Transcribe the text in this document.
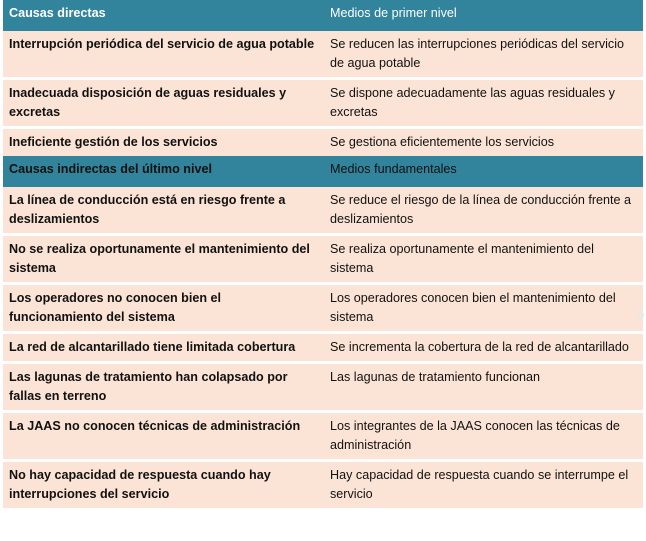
Causas directas	Medios de primer nivel
Interrupción periódica del servicio de agua potable	Se reducen las interrupciones periódicas del servicio de agua potable
Inadecuada disposición de aguas residuales y excretas	Se dispone adecuadamente las aguas residuales y excretas
Ineficiente gestión de los servicios	Se gestiona eficientemente los servicios
Causas indirectas del último nivel	Medios fundamentales
La línea de conducción está en riesgo frente a deslizamientos	Se reduce el riesgo de la línea de conducción frente a deslizamientos
No se realiza oportunamente el mantenimiento del sistema	Se realiza oportunamente el mantenimiento del sistema
Los operadores no conocen bien el funcionamiento del sistema	Los operadores conocen bien el mantenimiento del sistema
La red de alcantarillado tiene limitada cobertura	Se incrementa la cobertura de la red de alcantarillado
Las lagunas de tratamiento han colapsado por fallas en terreno	Las lagunas de tratamiento funcionan
La JAAS no conocen técnicas de administración	Los integrantes de la JAAS conocen las técnicas de administración
No hay capacidad de respuesta cuando hay interrupciones del servicio	Hay capacidad de respuesta cuando se interrumpe el servicio
